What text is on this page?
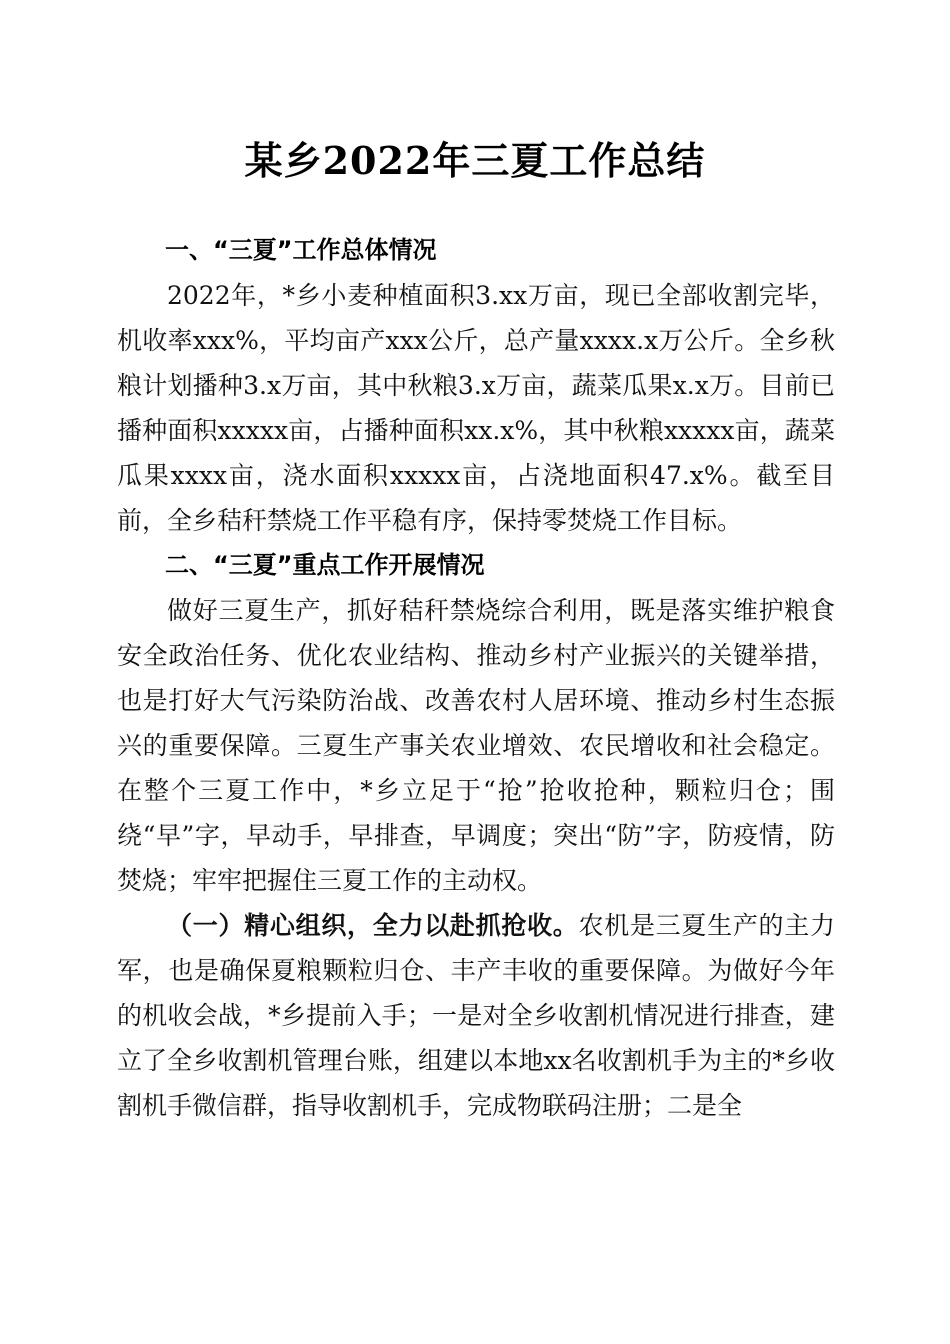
某乡2022年三夏工作总结
一、“三夏”工作总体情况

2022年，*乡小麦种植面积3.xx万亩，现已全部收割完毕，机收率xxx%，平均亩产xxx公斤，总产量xxxx.x万公斤。全乡秋粮计划播种3.x万亩，其中秋粮3.x万亩，蔬菜瓜果x.x万。目前已播种面积xxxxx亩，占播种面积xx.x%，其中秋粮xxxxx亩，蔬菜瓜果xxxx亩，浇水面积xxxxx亩，占浇地面积47.x%。截至目前，全乡秸秆禁烧工作平稳有序，保持零焚烧工作目标。

二、“三夏”重点工作开展情况

做好三夏生产，抓好秸秆禁烧综合利用，既是落实维护粮食安全政治任务、优化农业结构、推动乡村产业振兴的关键举措，也是打好大气污染防治战、改善农村人居环境、推动乡村生态振兴的重要保障。三夏生产事关农业增效、农民增收和社会稳定。在整个三夏工作中，*乡立足于“抢”抢收抢种，颗粒归仓；围绕“早”字，早动手，早排查，早调度；突出“防”字，防疫情，防焚烧；牢牢把握住三夏工作的主动权。

（一）精心组织，全力以赴抓抢收。农机是三夏生产的主力军，也是确保夏粮颗粒归仓、丰产丰收的重要保障。为做好今年的机收会战，*乡提前入手；一是对全乡收割机情况进行排查，建立了全乡收割机管理台账，组建以本地xx名收割机手为主的*乡收割机手微信群，指导收割机手，完成物联码注册；二是全
